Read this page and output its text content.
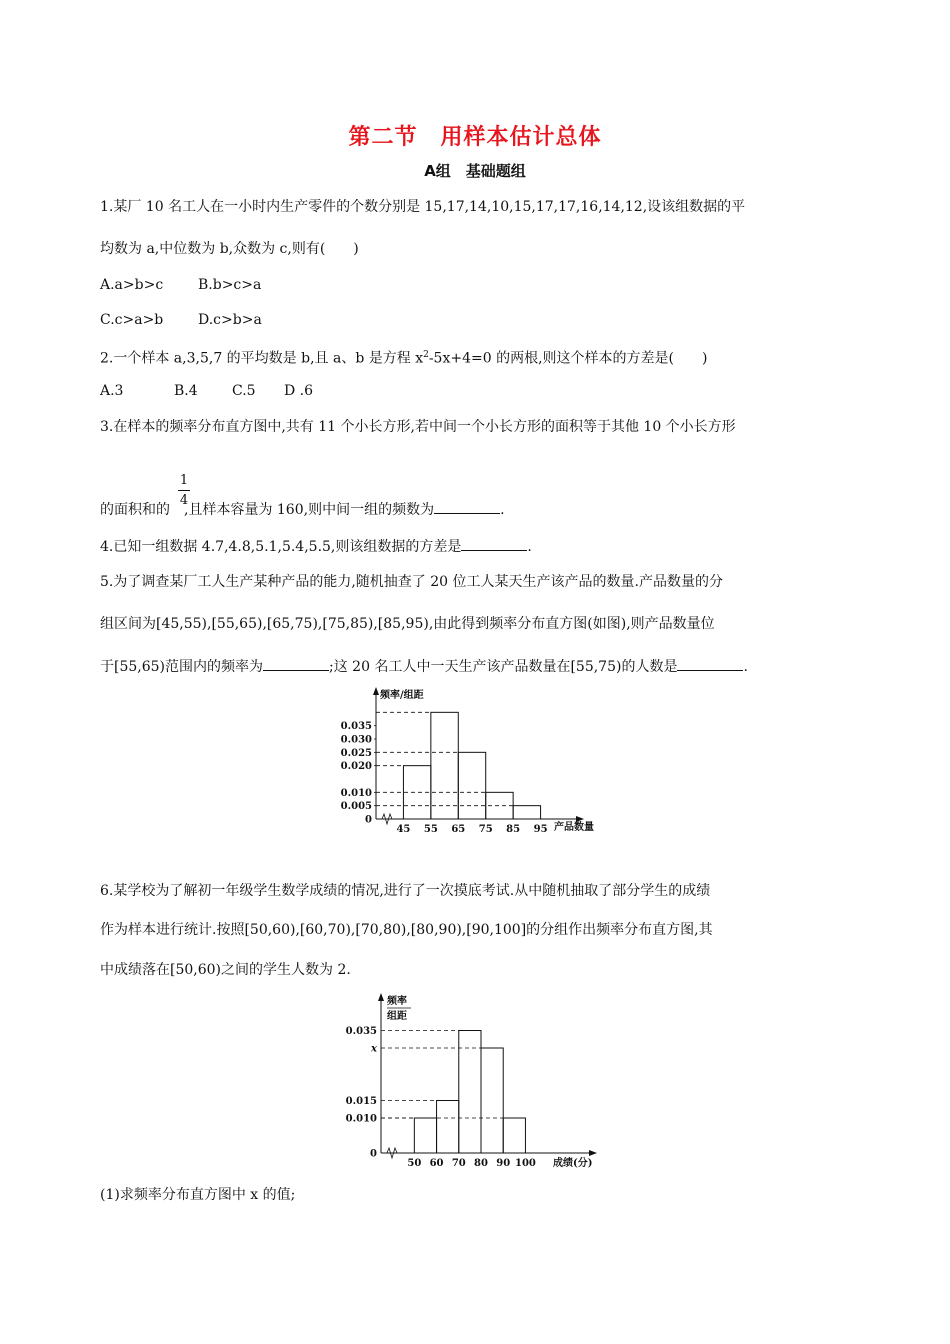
第二节　用样本估计总体
A组　基础题组
1.某厂 10 名工人在一小时内生产零件的个数分别是 15,17,14,10,15,17,17,16,14,12,设该组数据的平
均数为 a,中位数为 b,众数为 c,则有(　　)
A.a>b>c B.b>c>a
C.c>a>b D.c>b>a
2.一个样本 a,3,5,7 的平均数是 b,且 a、b 是方程 $x^2-5x+4=0$ 的两根,则这个样本的方差是(　　)
A.3	B.4 C.5 D .6
3.在样本的频率分布直方图中,共有 11 个小长方形,若中间一个小长方形的面积等于其他 10 个小长方形
1
4
的面积和的 ,且样本容量为 160,则中间一组的频数为	.
4.已知一组数据 4.7,4.8,5.1,5.4,5.5,则该组数据的方差是	.
5.为了调查某厂工人生产某种产品的能力,随机抽查了 20 位工人某天生产该产品的数量.产品数量的分
组区间为[45,55),[55,65),[65,75),[75,85),[85,95),由此得到频率分布直方图(如图),则产品数量位
于[55,65)范围内的频率为	;这 20 名工人中一天生产该产品数量在[55,75)的人数是	.
频率/组距
产品数量
45 55 65 75 85 95
0.035
0.030
0.025
0.020
0.010
0.005
0
6.某学校为了解初一年级学生数学成绩的情况,进行了一次摸底考试.从中随机抽取了部分学生的成绩
作为样本进行统计.按照[50,60),[60,70),[70,80),[80,90),[90,100]的分组作出频率分布直方图,其
中成绩落在[50,60)之间的学生人数为 2.
频率
组距
成绩(分)
50 60 70 80 90 100
0.035
x
0.015
0.010
0
(1)求频率分布直方图中 x 的值;
